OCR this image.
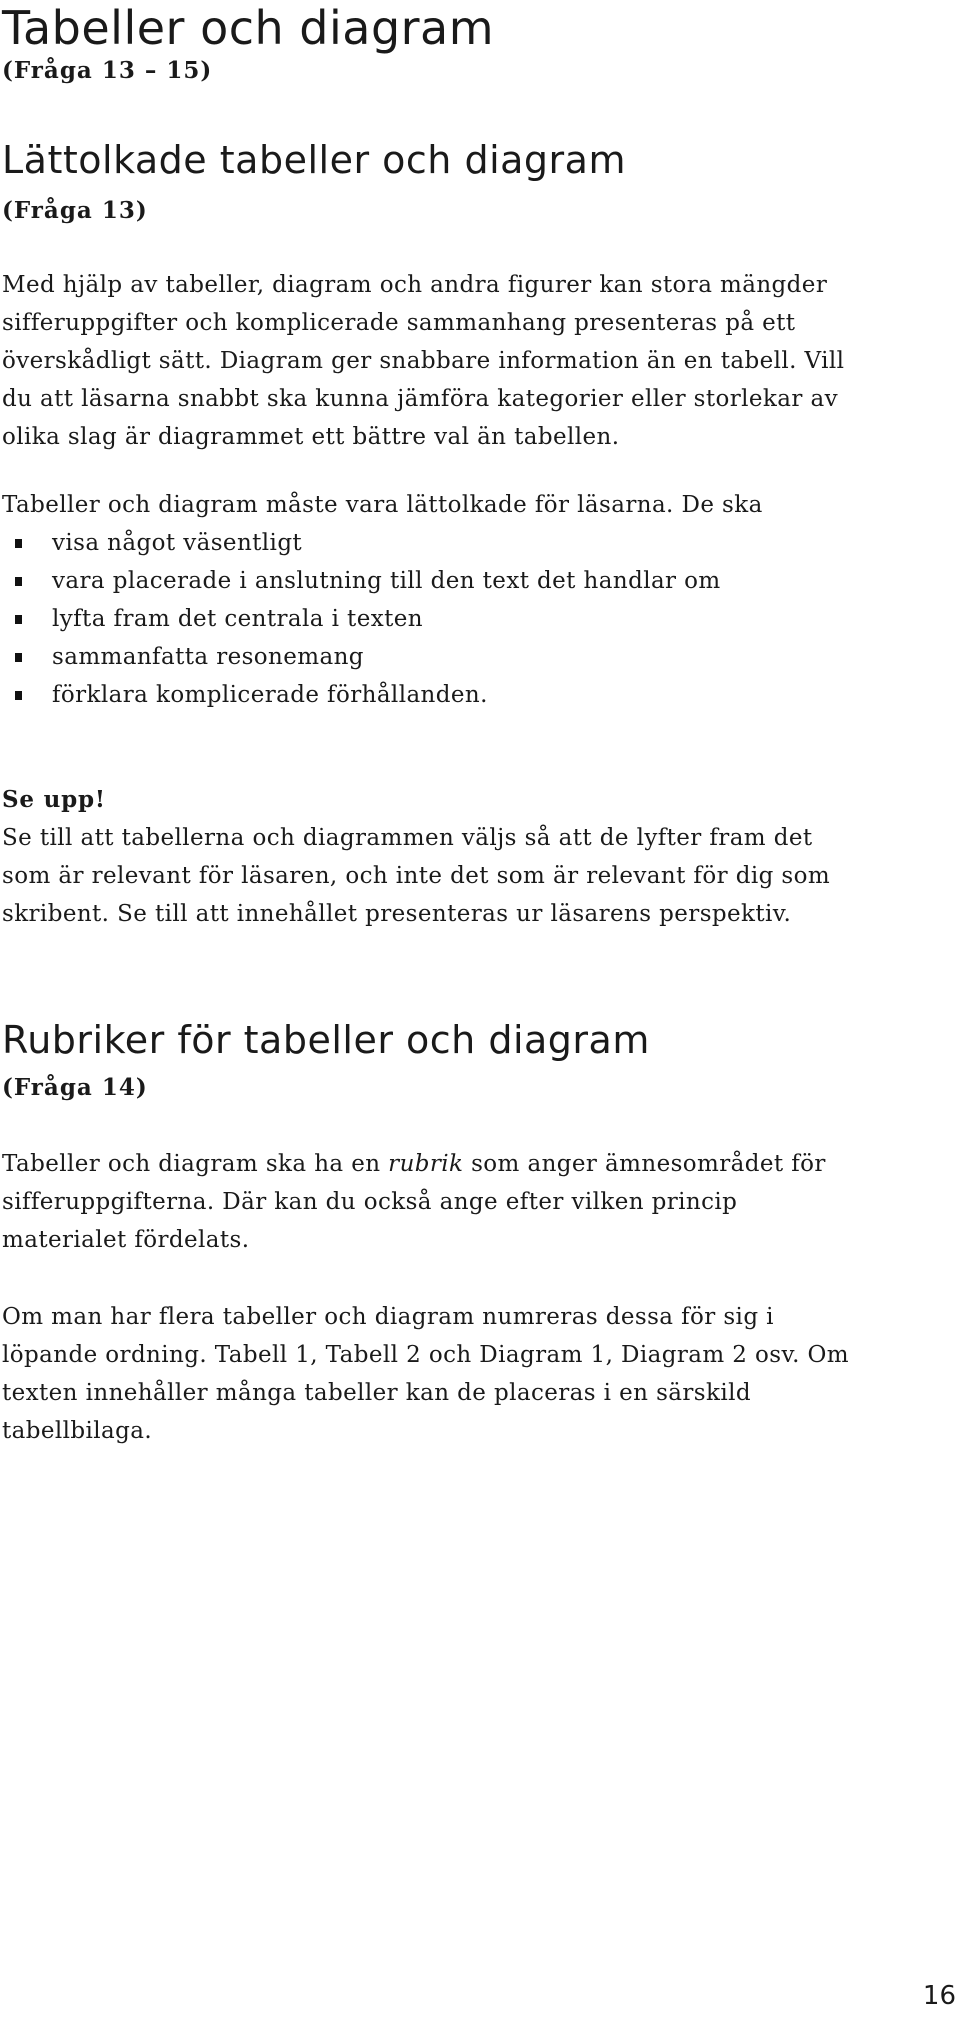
Tabeller och diagram

(Fråga 13 – 15)

Lättolkade tabeller och diagram

(Fråga 13)

Med hjälp av tabeller, diagram och andra figurer kan stora mängder
sifferuppgifter och komplicerade sammanhang presenteras på ett
överskådligt sätt. Diagram ger snabbare information än en tabell. Vill
du att läsarna snabbt ska kunna jämföra kategorier eller storlekar av
olika slag är diagrammet ett bättre val än tabellen.

Tabeller och diagram måste vara lättolkade för läsarna. De ska

visa något väsentligt
vara placerade i anslutning till den text det handlar om
lyfta fram det centrala i texten
sammanfatta resonemang
förklara komplicerade förhållanden.

Se upp!

Se till att tabellerna och diagrammen väljs så att de lyfter fram det
som är relevant för läsaren, och inte det som är relevant för dig som
skribent. Se till att innehållet presenteras ur läsarens perspektiv.

Rubriker för tabeller och diagram

(Fråga 14)

Tabeller och diagram ska ha en rubrik som anger ämnesområdet för
sifferuppgifterna. Där kan du också ange efter vilken princip
materialet fördelats.

Om man har flera tabeller och diagram numreras dessa för sig i
löpande ordning. Tabell 1, Tabell 2 och Diagram 1, Diagram 2 osv. Om
texten innehåller många tabeller kan de placeras i en särskild
tabellbilaga.

16
